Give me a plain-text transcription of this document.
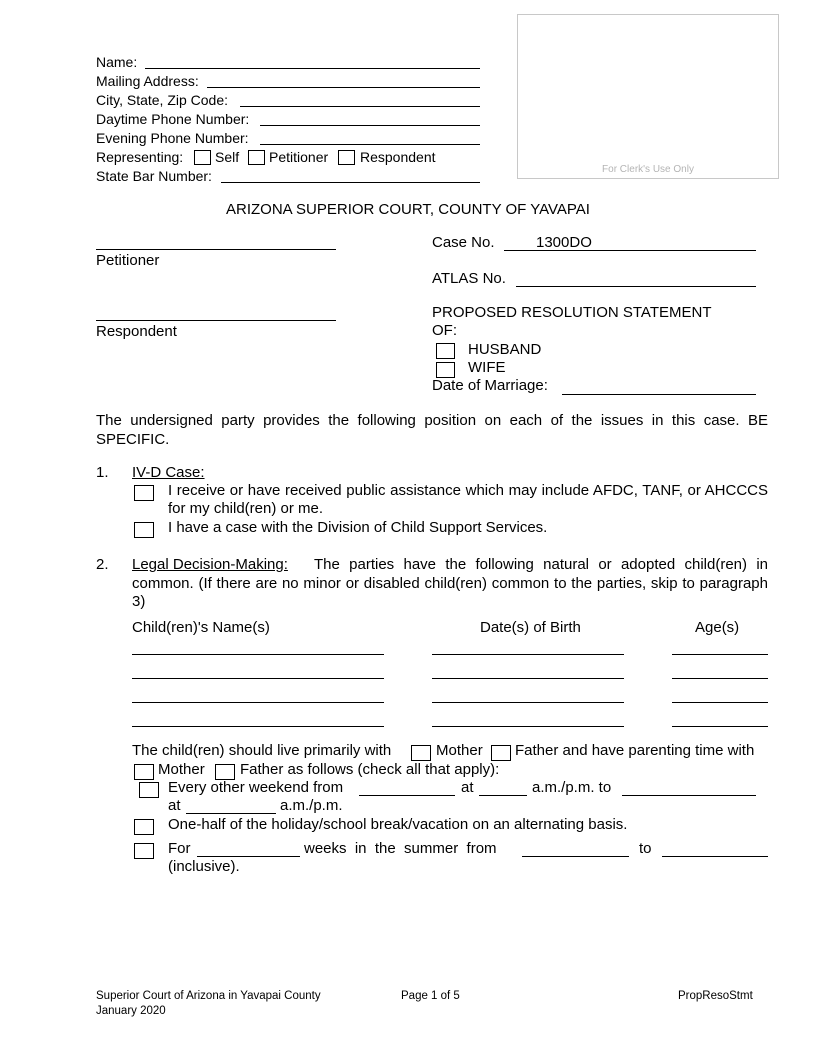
Name:
Mailing Address:
City, State, Zip Code:
Daytime Phone Number:
Evening Phone Number:
Representing: Self Petitioner Respondent
State Bar Number:	For Clerk's Use Only
ARIZONA SUPERIOR COURT, COUNTY OF YAVAPAI
Petitioner
Respondent
Case No.	1300DO
ATLAS No.
PROPOSED RESOLUTION STATEMENT
OF:
HUSBAND
WIFE
Date of Marriage:
The undersigned party provides the following position on each of the issues in this case. BE SPECIFIC.
1. IV-D Case:
I receive or have received public assistance which may include AFDC, TANF, or AHCCCS for my child(ren) or me.
I have a case with the Division of Child Support Services.
2. Legal Decision-Making:	The parties have the following natural or adopted child(ren) in common. (If there are no minor or disabled child(ren) common to the parties, skip to paragraph 3)
Child(ren)'s Name(s)	Date(s) of Birth	Age(s)
The child(ren) should live primarily with	Mother Father and have parenting time with
Mother Father as follows (check all that apply):
Every other weekend from	at	a.m./p.m. to
at	a.m./p.m.
One-half of the holiday/school break/vacation on an alternating basis.
For	weeks  in  the  summer  from	to
(inclusive).
Superior Court of Arizona in Yavapai County
January 2020
Page 1 of 5	PropResoStmt
